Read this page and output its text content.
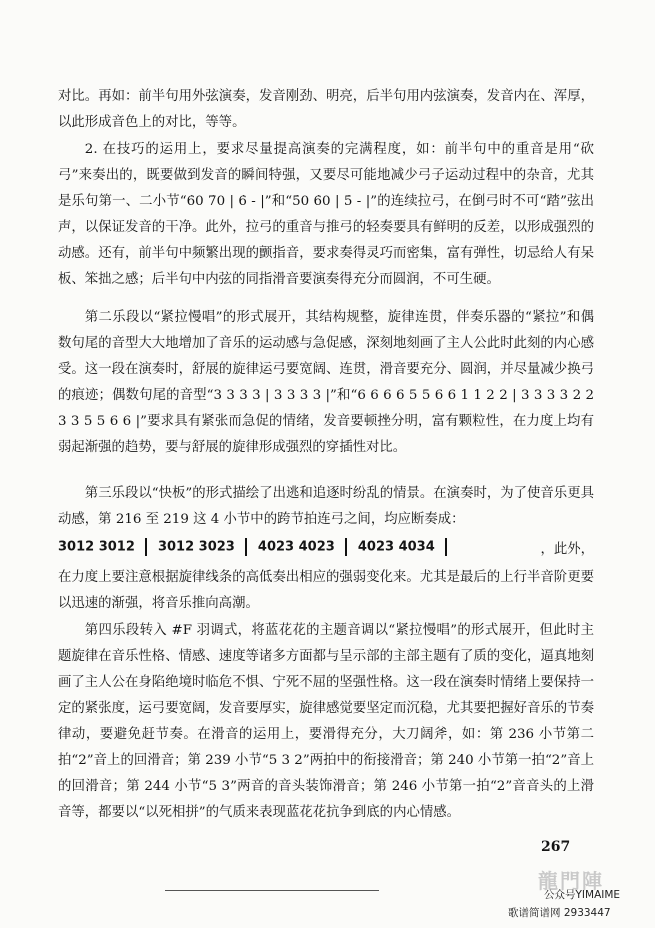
对比。再如：前半句用外弦演奏，发音刚劲、明亮，后半句用内弦演奏，发音内在、浑厚，以此形成音色上的对比，等等。

2. 在技巧的运用上，要求尽量提高演奏的完满程度，如：前半句中的重音是用“砍弓”来奏出的，既要做到发音的瞬间特强，又要尽可能地减少弓子运动过程中的杂音，尤其是乐句第一、二小节“6̇0 7̇0 | 6̇ - |”和“5̇0 6̇0 | 5̇ - |”的连续拉弓，在倒弓时不可“踏”弦出声，以保证发音的干净。此外，拉弓的重音与推弓的轻奏要具有鲜明的反差，以形成强烈的动感。还有，前半句中频繁出现的颤指音，要求奏得灵巧而密集，富有弹性，切忌给人有呆板、笨拙之感；后半句中内弦的同指滑音要演奏得充分而圆润，不可生硬。

第二乐段以“紧拉慢唱”的形式展开，其结构规整，旋律连贯，伴奏乐器的“紧拉”和偶数句尾的音型大大地增加了音乐的运动感与急促感，深刻地刻画了主人公此时此刻的内心感受。这一段在演奏时，舒展的旋律运弓要宽阔、连贯，滑音要充分、圆润，并尽量减少换弓的痕迹；偶数句尾的音型“3 3 3 3 | 3 3 3 3 |”和“6 6 6 6 5 5 6 6 1 1 2 2 | 3 3 3 3 2 2 3 3 5 5 6 6 |”要求具有紧张而急促的情绪，发音要顿挫分明，富有颗粒性，在力度上均有弱起渐强的趋势，要与舒展的旋律形成强烈的穿插性对比。

第三乐段以“快板”的形式描绘了出逃和追逐时纷乱的情景。在演奏时，为了使音乐更具动感，第 216 至 219 这 4 小节中的跨节拍连弓之间，均应断奏成：

3012 3012 3012 3023 4023 4023 4023 4034	，此外，

在力度上要注意根据旋律线条的高低奏出相应的强弱变化来。尤其是最后的上行半音阶更要以迅速的渐强，将音乐推向高潮。

第四乐段转入 #F 羽调式，将蓝花花的主题音调以“紧拉慢唱”的形式展开，但此时主题旋律在音乐性格、情感、速度等诸多方面都与呈示部的主部主题有了质的变化，逼真地刻画了主人公在身陷绝境时临危不惧、宁死不屈的坚强性格。这一段在演奏时情绪上要保持一定的紧张度，运弓要宽阔，发音要厚实，旋律感觉要坚定而沉稳，尤其要把握好音乐的节奏律动，要避免赶节奏。在滑音的运用上，要滑得充分，大刀阔斧，如：第 236 小节第二拍“2”音上的回滑音；第 239 小节“5 3 2”两拍中的衔接滑音；第 240 小节第一拍“2”音上的回滑音；第 244 小节“5 3”两音的音头装饰滑音；第 246 小节第一拍“2”音音头的上滑音等，都要以“以死相拼”的气质来表现蓝花花抗争到底的内心情感。

267
龍門陣
公众号YIMAIME
歌谱简谱网 2933447
